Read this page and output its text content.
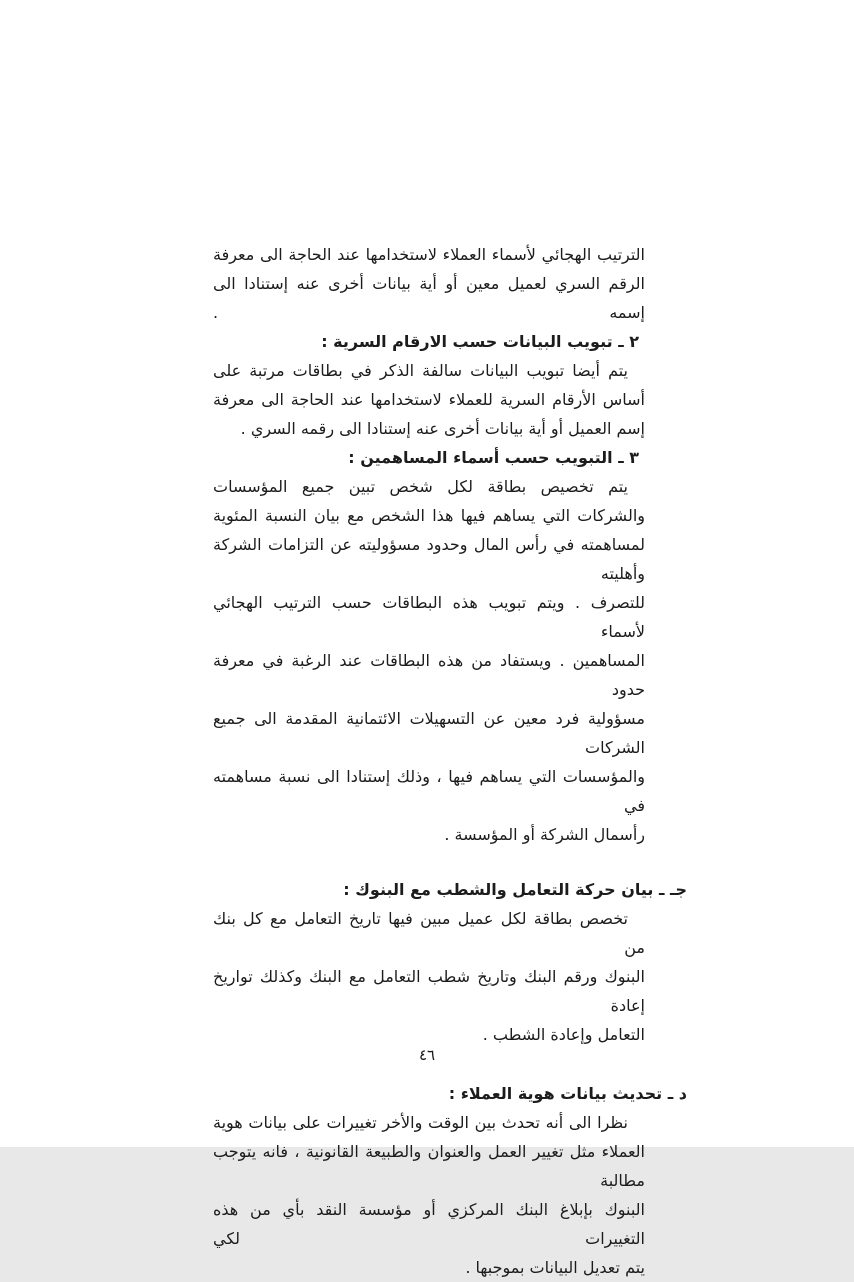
الترتيب الهجائي لأسماء العملاء لاستخدامها عند الحاجة الى معرفة
الرقم السري لعميل معين أو أية بيانات أخرى عنه إستنادا الى إسمه .
٢ ـ تبويب البيانات حسب الارقام السرية :
يتم أيضا تبويب البيانات سالفة الذكر في بطاقات مرتبة على
أساس الأرقام السرية للعملاء لاستخدامها عند الحاجة الى معرفة
إسم العميل أو أية بيانات أخرى عنه إستنادا الى رقمه السري .
٣ ـ التبويب حسب أسماء المساهمين :
يتم تخصيص بطاقة لكل شخص تبين جميع المؤسسات
والشركات التي يساهم فيها هذا الشخص مع بيان النسبة المئوية
لمساهمته في رأس المال وحدود مسؤوليته عن التزامات الشركة وأهليته
للتصرف . ويتم تبويب هذه البطاقات حسب الترتيب الهجائي لأسماء
المساهمين . ويستفاد من هذه البطاقات عند الرغبة في معرفة حدود
مسؤولية فرد معين عن التسهيلات الائتمانية المقدمة الى جميع الشركات
والمؤسسات التي يساهم فيها ، وذلك إستنادا الى نسبة مساهمته في
رأسمال الشركة أو المؤسسة .
جـ ـ بيان حركة التعامل والشطب مع البنوك :
تخصص بطاقة لكل عميل مبين فيها تاريخ التعامل مع كل بنك من
البنوك ورقم البنك وتاريخ شطب التعامل مع البنك وكذلك تواريخ إعادة
التعامل وإعادة الشطب .
د ـ تحديث بيانات هوية العملاء :
نظرا الى أنه تحدث بين الوقت والأخر تغييرات على بيانات هوية
العملاء مثل تغيير العمل والعنوان والطبيعة القانونية ، فانه يتوجب مطالبة
البنوك بإبلاغ البنك المركزي أو مؤسسة النقد بأي من هذه التغييرات لكي
يتم تعديل البيانات بموجبها .
٤٦
